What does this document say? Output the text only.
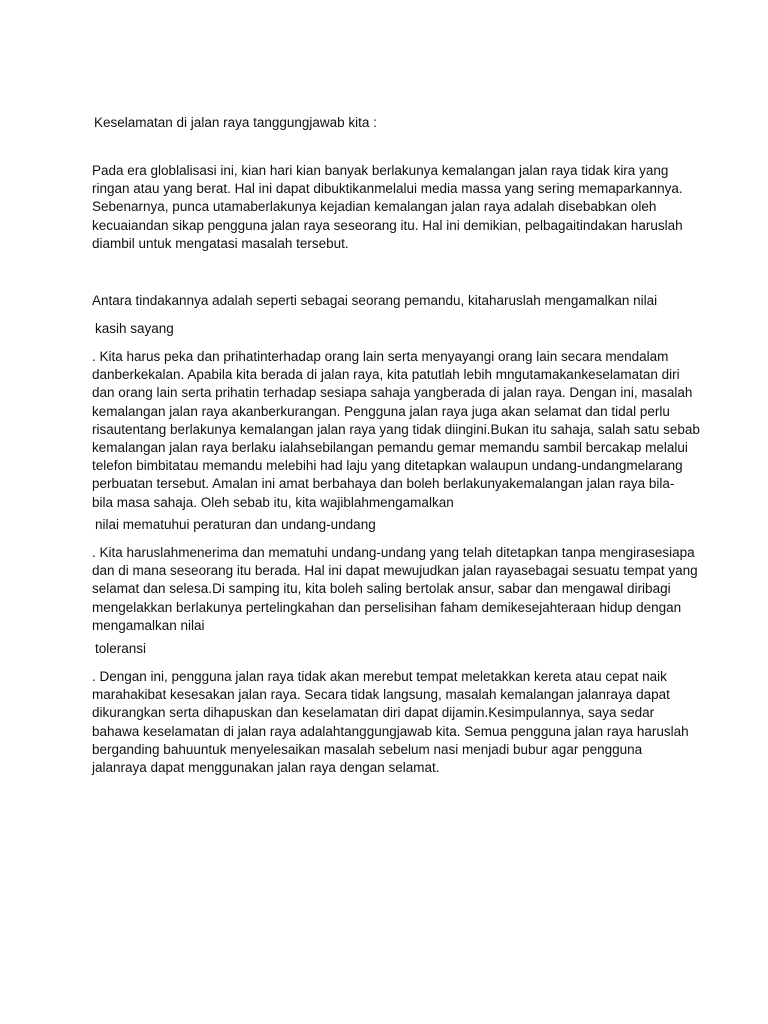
Keselamatan di jalan raya tanggungjawab kita :

Pada era globlalisasi ini, kian hari kian banyak berlakunya kemalangan jalan raya tidak kira yang
ringan atau yang berat. Hal ini dapat dibuktikanmelalui media massa yang sering memaparkannya.
Sebenarnya, punca utamaberlakunya kejadian kemalangan jalan raya adalah disebabkan oleh
kecuaiandan sikap pengguna jalan raya seseorang itu. Hal ini demikian, pelbagaitindakan haruslah
diambil untuk mengatasi masalah tersebut.

Antara tindakannya adalah seperti sebagai seorang pemandu, kitaharuslah mengamalkan nilai

kasih sayang

. Kita harus peka dan prihatinterhadap orang lain serta menyayangi orang lain secara mendalam
danberkekalan. Apabila kita berada di jalan raya, kita patutlah lebih mngutamakankeselamatan diri
dan orang lain serta prihatin terhadap sesiapa sahaja yangberada di jalan raya. Dengan ini, masalah
kemalangan jalan raya akanberkurangan. Pengguna jalan raya juga akan selamat dan tidal perlu
risautentang berlakunya kemalangan jalan raya yang tidak diingini.Bukan itu sahaja, salah satu sebab
kemalangan jalan raya berlaku ialahsebilangan pemandu gemar memandu sambil bercakap melalui
telefon bimbitatau memandu melebihi had laju yang ditetapkan walaupun undang-undangmelarang
perbuatan tersebut. Amalan ini amat berbahaya dan boleh berlakunyakemalangan jalan raya bila-
bila masa sahaja. Oleh sebab itu, kita wajiblahmengamalkan

nilai mematuhui peraturan dan undang-undang

. Kita haruslahmenerima dan mematuhi undang-undang yang telah ditetapkan tanpa mengirasesiapa
dan di mana seseorang itu berada. Hal ini dapat mewujudkan jalan rayasebagai sesuatu tempat yang
selamat dan selesa.Di samping itu, kita boleh saling bertolak ansur, sabar dan mengawal diribagi
mengelakkan berlakunya pertelingkahan dan perselisihan faham demikesejahteraan hidup dengan
mengamalkan nilai

toleransi

. Dengan ini, pengguna jalan raya tidak akan merebut tempat meletakkan kereta atau cepat naik
marahakibat kesesakan jalan raya. Secara tidak langsung, masalah kemalangan jalanraya dapat
dikurangkan serta dihapuskan dan keselamatan diri dapat dijamin.Kesimpulannya, saya sedar
bahawa keselamatan di jalan raya adalahtanggungjawab kita. Semua pengguna jalan raya haruslah
berganding bahuuntuk menyelesaikan masalah sebelum nasi menjadi bubur agar pengguna
jalanraya dapat menggunakan jalan raya dengan selamat.
